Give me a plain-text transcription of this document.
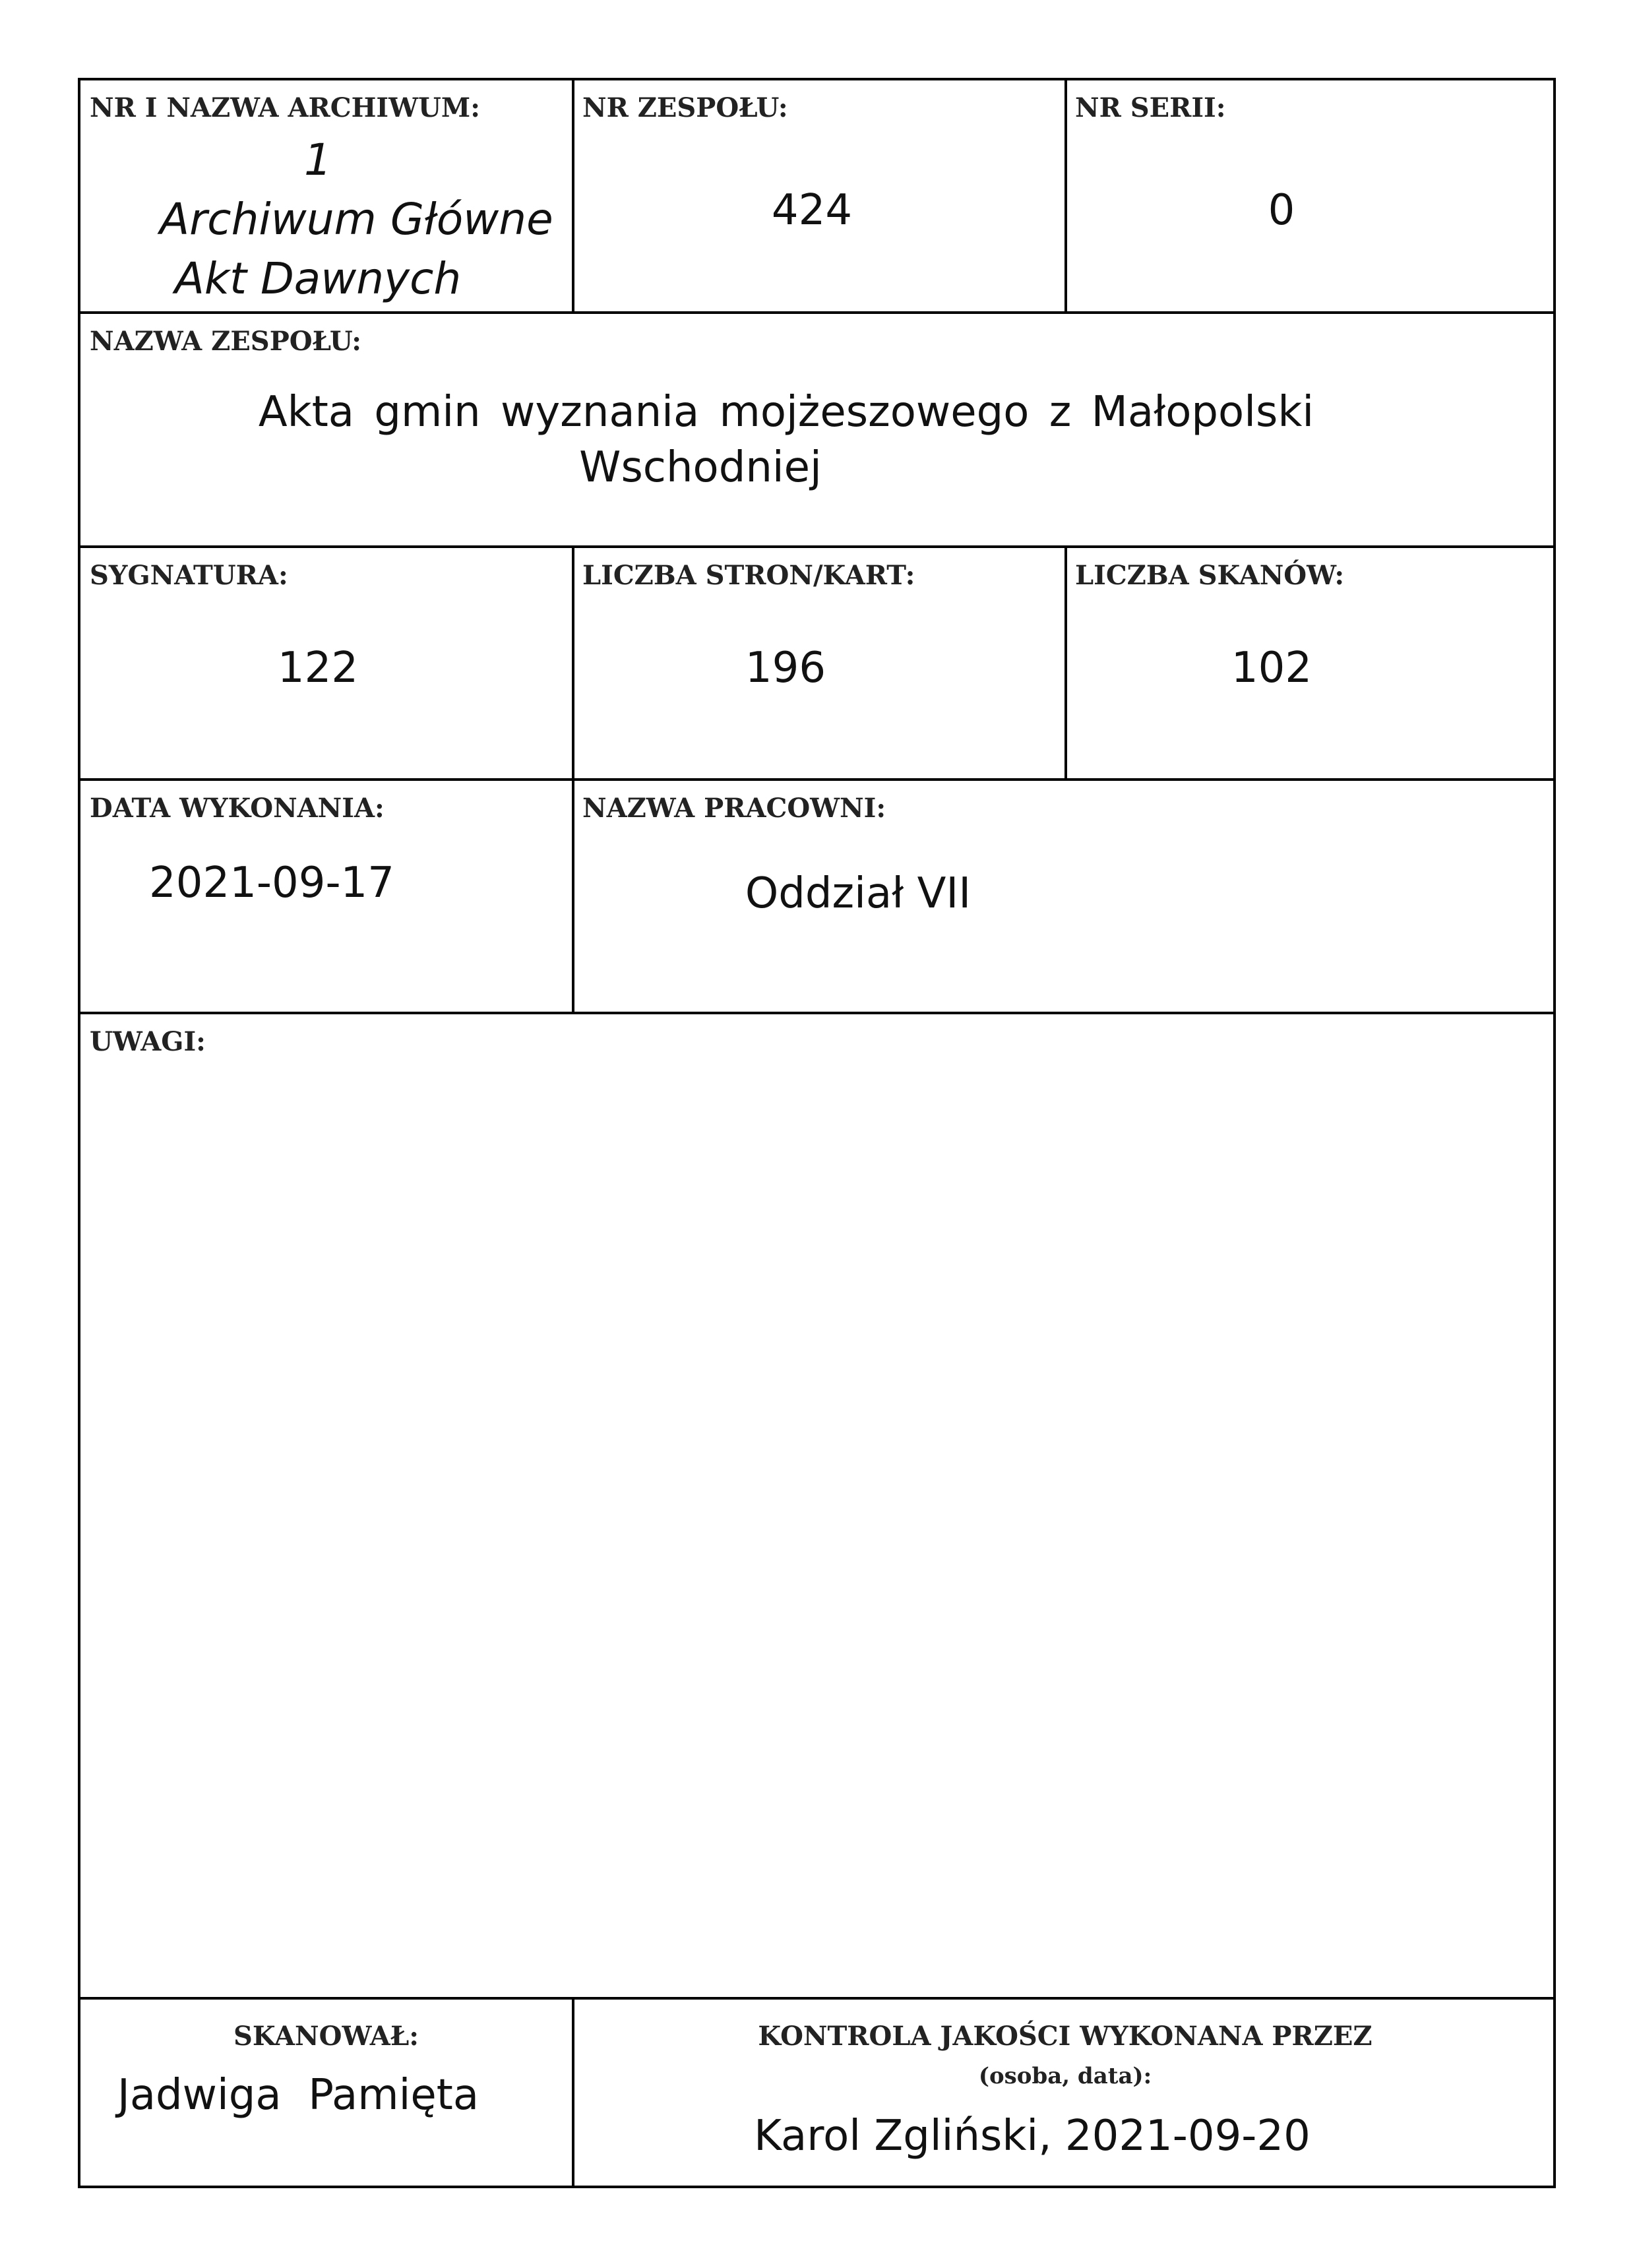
NR I NAZWA ARCHIWUM:
1
Archiwum Główne
Akt Dawnych
NR ZESPOŁU:
424
NR SERII:
0
NAZWA ZESPOŁU:
Akta gmin wyznania mojżeszowego z Małopolski
Wschodniej
SYGNATURA:
122
LICZBA STRON/KART:
196
LICZBA SKANÓW:
102
DATA WYKONANIA:
2021-09-17
NAZWA PRACOWNI:
Oddział VII
UWAGI:
SKANOWAŁ:
Jadwiga  Pamięta
KONTROLA JAKOŚCI WYKONANA PRZEZ
(osoba, data):
Karol Zgliński, 2021-09-20
